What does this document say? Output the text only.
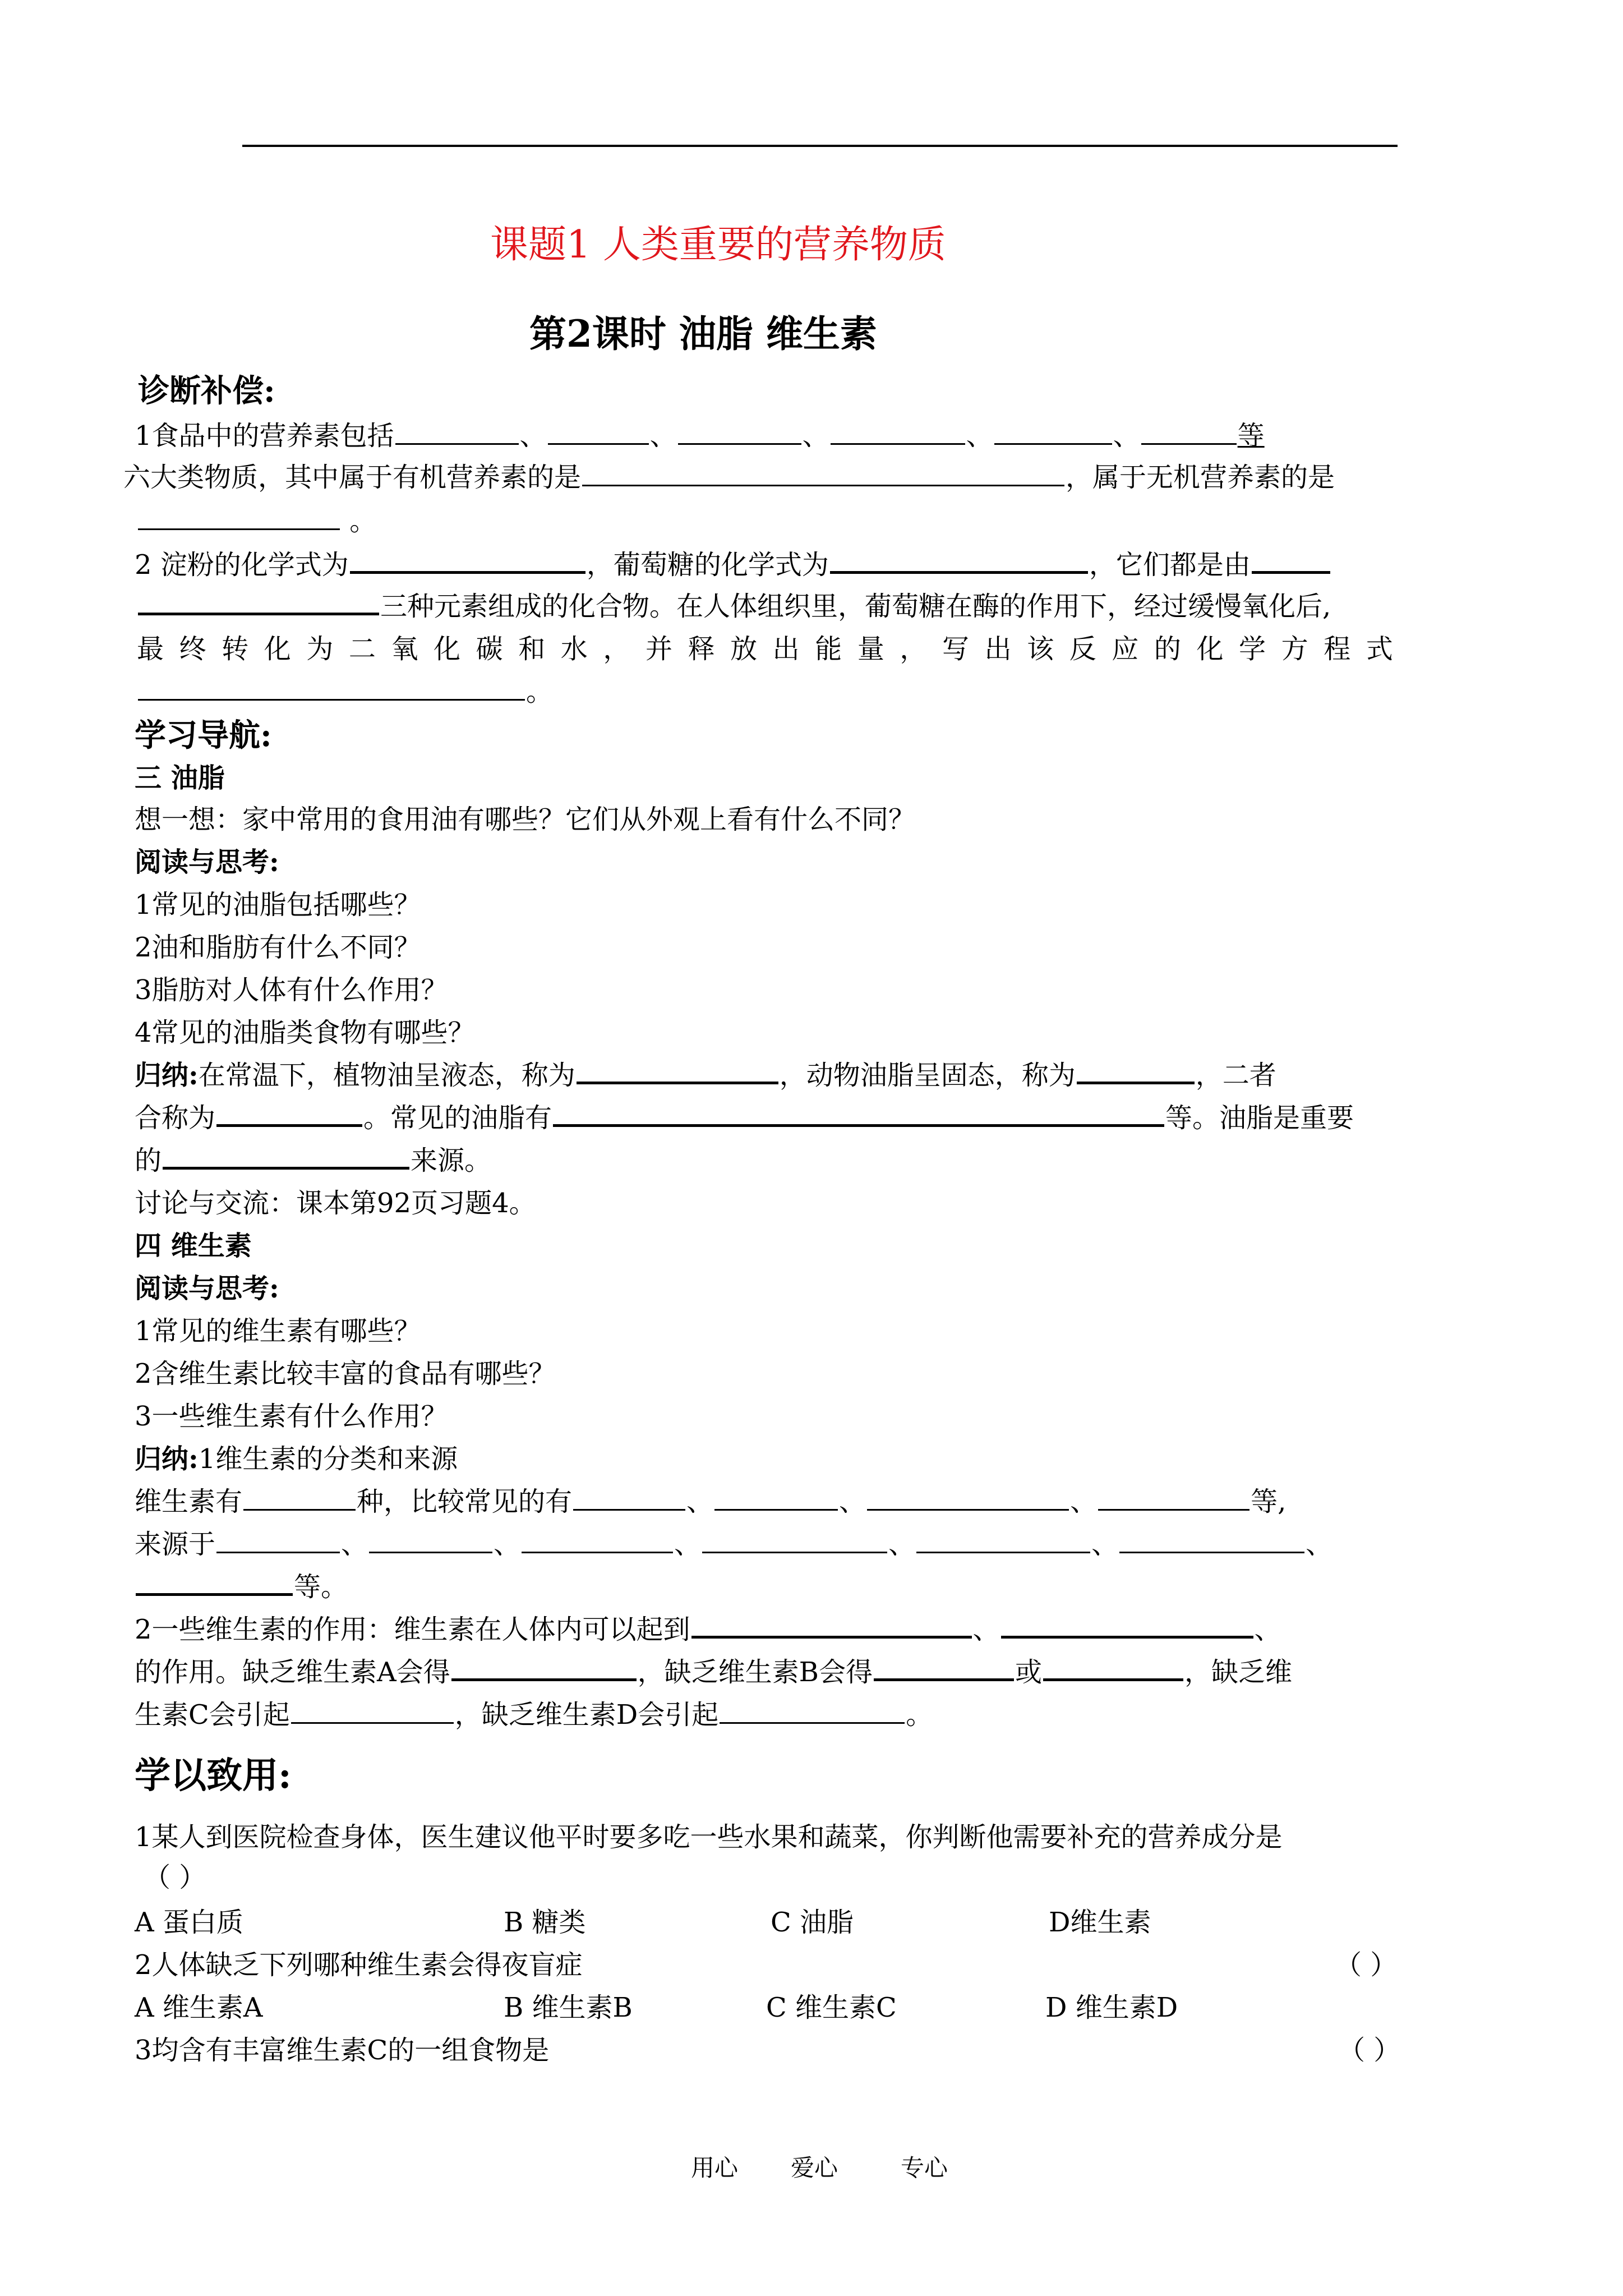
课题1 人类重要的营养物质
第2课时 油脂 维生素
诊断补偿:
1食品中的营养素包括	、	、	、	、	、	等
六大类物质，其中属于有机营养素的是	，属于无机营养素的是
。
2 淀粉的化学式为	，葡萄糖的化学式为	，它们都是由
三种元素组成的化合物。在人体组织里，葡萄糖在酶的作用下，经过缓慢氧化后,
最 终 转 化 为 二 氧 化 碳 和 水 ， 并 释 放 出 能 量 ， 写 出 该 反 应 的 化 学 方 程 式
。
学习导航:
三 油脂
想一想：家中常用的食用油有哪些？它们从外观上看有什么不同？
阅读与思考:
1常见的油脂包括哪些？
2油和脂肪有什么不同？
3脂肪对人体有什么作用？
4常见的油脂类食物有哪些？
归纳:在常温下，植物油呈液态，称为	，动物油脂呈固态，称为	，二者
合称为	。常见的油脂有	等。油脂是重要
的	来源。
讨论与交流：课本第92页习题4。
四 维生素
阅读与思考:
1常见的维生素有哪些？
2含维生素比较丰富的食品有哪些？
3一些维生素有什么作用？
归纳:1维生素的分类和来源
维生素有	种，比较常见的有	、	、	、	等,
来源于	、	、	、	、	、	、
等。
2一些维生素的作用：维生素在人体内可以起到	、	、
的作用。缺乏维生素A会得	，缺乏维生素B会得	或	，缺乏维
生素C会引起	，缺乏维生素D会引起	。
学以致用:
1某人到医院检查身体，医生建议他平时要多吃一些水果和蔬菜，你判断他需要补充的营养成分是
（ ）
A 蛋白质	B 糖类	C 油脂	D维生素
2人体缺乏下列哪种维生素会得夜盲症	（ ）
A 维生素A	B 维生素B	C 维生素C	D 维生素D
3均含有丰富维生素C的一组食物是	（ ）
用心 爱心	专心
